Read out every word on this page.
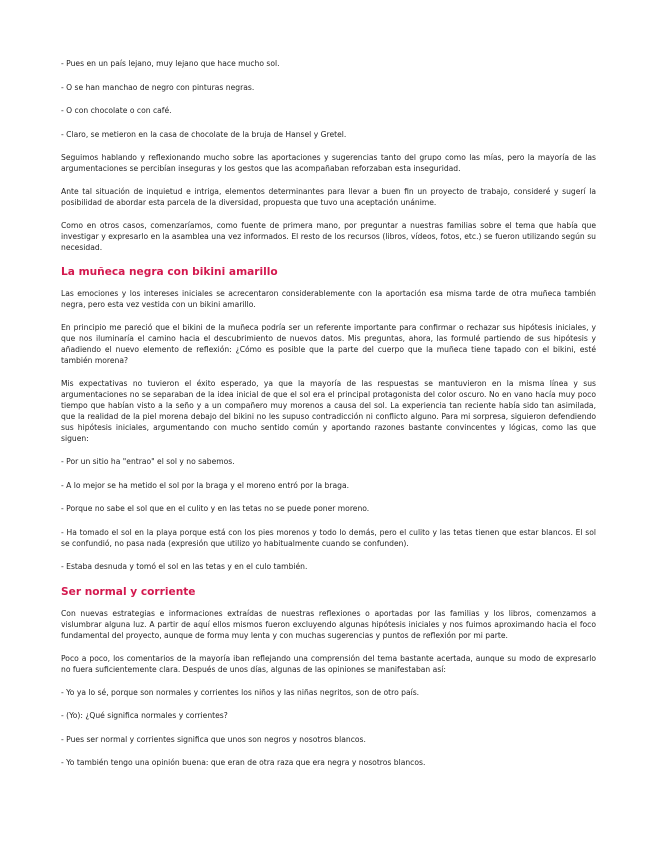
- Pues en un país lejano, muy lejano que hace mucho sol.

- O se han manchao de negro con pinturas negras.

- O con chocolate o con café.

- Claro, se metieron en la casa de chocolate de la bruja de Hansel y Gretel.

Seguimos hablando y reflexionando mucho sobre las aportaciones y sugerencias tanto del grupo como las mías, pero la mayoría de las argumentaciones se percibían inseguras y los gestos que las acompañaban reforzaban esta inseguridad.

Ante tal situación de inquietud e intriga, elementos determinantes para llevar a buen fin un proyecto de trabajo, consideré y sugerí la posibilidad de abordar esta parcela de la diversidad, propuesta que tuvo una aceptación unánime.

Como en otros casos, comenzaríamos, como fuente de primera mano, por preguntar a nuestras familias sobre el tema que había que investigar y expresarlo en la asamblea una vez informados. El resto de los recursos (libros, vídeos, fotos, etc.) se fueron utilizando según su necesidad.

La muñeca negra con bikini amarillo

Las emociones y los intereses iniciales se acrecentaron considerablemente con la aportación esa misma tarde de otra muñeca también negra, pero esta vez vestida con un bikini amarillo.

En principio me pareció que el bikini de la muñeca podría ser un referente importante para confirmar o rechazar sus hipótesis iniciales, y que nos iluminaría el camino hacia el descubrimiento de nuevos datos. Mis preguntas, ahora, las formulé partiendo de sus hipótesis y añadiendo el nuevo elemento de reflexión: ¿Cómo es posible que la parte del cuerpo que la muñeca tiene tapado con el bikini, esté también morena?

Mis expectativas no tuvieron el éxito esperado, ya que la mayoría de las respuestas se mantuvieron en la misma línea y sus argumentaciones no se separaban de la idea inicial de que el sol era el principal protagonista del color oscuro. No en vano hacía muy poco tiempo que habían visto a la seño y a un compañero muy morenos a causa del sol. La experiencia tan reciente había sido tan asimilada, que la realidad de la piel morena debajo del bikini no les supuso contradicción ni conflicto alguno. Para mi sorpresa, siguieron defendiendo sus hipótesis iniciales, argumentando con mucho sentido común y aportando razones bastante convincentes y lógicas, como las que siguen:

- Por un sitio ha "entrao" el sol y no sabemos.

- A lo mejor se ha metido el sol por la braga y el moreno entró por la braga.

- Porque no sabe el sol que en el culito y en las tetas no se puede poner moreno.

- Ha tomado el sol en la playa porque está con los pies morenos y todo lo demás, pero el culito y las tetas tienen que estar blancos. El sol se confundió, no pasa nada (expresión que utilizo yo habitualmente cuando se confunden).

- Estaba desnuda y tomó el sol en las tetas y en el culo también.

Ser normal y corriente

Con nuevas estrategias e informaciones extraídas de nuestras reflexiones o aportadas por las familias y los libros, comenzamos a vislumbrar alguna luz. A partir de aquí ellos mismos fueron excluyendo algunas hipótesis iniciales y nos fuimos aproximando hacia el foco fundamental del proyecto, aunque de forma muy lenta y con muchas sugerencias y puntos de reflexión por mi parte.

Poco a poco, los comentarios de la mayoría iban reflejando una comprensión del tema bastante acertada, aunque su modo de expresarlo no fuera suficientemente clara. Después de unos días, algunas de las opiniones se manifestaban así:

- Yo ya lo sé, porque son normales y corrientes los niños y las niñas negritos, son de otro país.

- (Yo): ¿Qué significa normales y corrientes?

- Pues ser normal y corrientes significa que unos son negros y nosotros blancos.

- Yo también tengo una opinión buena: que eran de otra raza que era negra y nosotros blancos.
